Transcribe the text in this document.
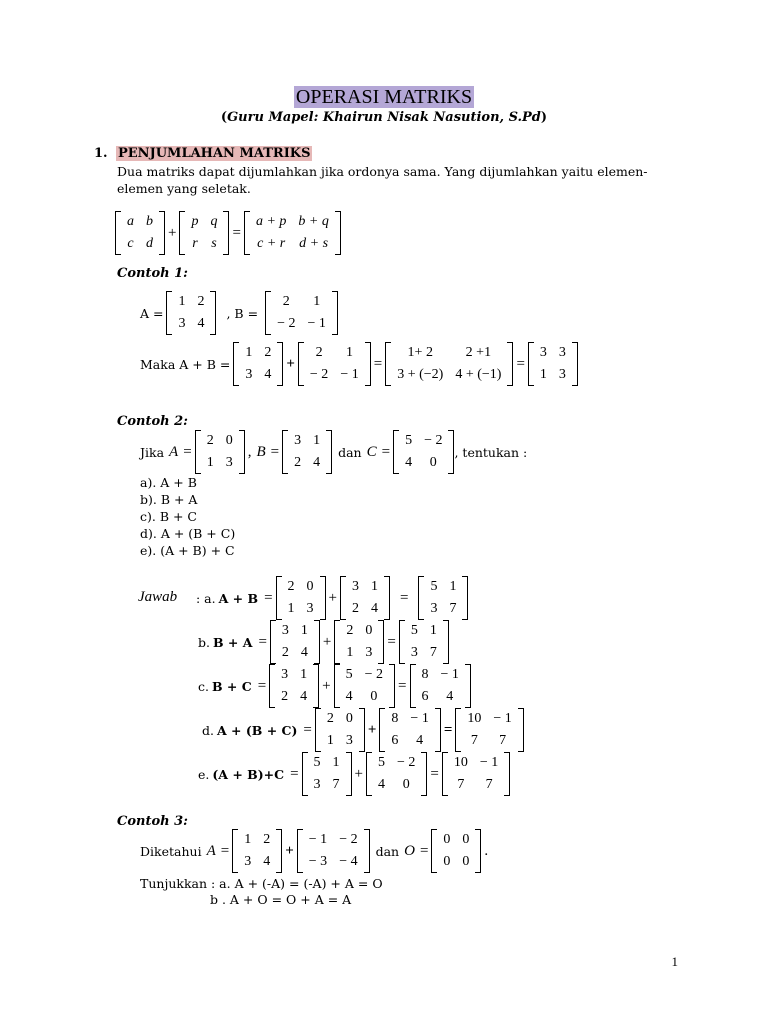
OPERASI MATRIKS
(Guru Mapel: Khairun Nisak Nasution, S.Pd)
1. PENJUMLAHAN MATRIKS
Dua matriks dapat dijumlahkan jika ordonya sama. Yang dijumlahkan yaitu elemen-
elemen yang seletak.
a	b
c	d
+
p	q
r	s
=
a + p	b + q
c + r	d + s
Contoh 1:
A =
1	2
3	4
, B =
2	1
− 2	− 1
Maka A + B =
1	2
3	4
+
2	1
− 2	− 1
=
1+ 2	2 +1
3 + (−2)	4 + (−1)
=
3	3
1	3
Contoh 2:
Jika A =
2	0
1	3
, B =
3	1
2	4
dan C =
5	− 2
4	0
, tentukan :
a). A + B
b). B + A
c). B + C
d). A + (B + C)
e). (A + B) + C
Jawab : a. A + B =
2	0
1	3
+
3	1
2	4
=
5	1
3	7
b. B + A =
3	1
2	4
+
2	0
1	3
=
5	1
3	7
c. B + C =
3	1
2	4
+
5	− 2
4	0
=
8	− 1
6	4
d. A + (B + C) =
2	0
1	3
+
8	− 1
6	4
=
10	− 1
7	7
e. (A + B)+C =
5	1
3	7
+
5	− 2
4	0
=
10	− 1
7	7
Contoh 3:
Diketahui A =
1	2
3	4
+
− 1	− 2
− 3	− 4
dan O =
0	0
0	0
.
Tunjukkan : a. A + (-A) = (-A) + A = O
b . A + O = O + A = A
1
